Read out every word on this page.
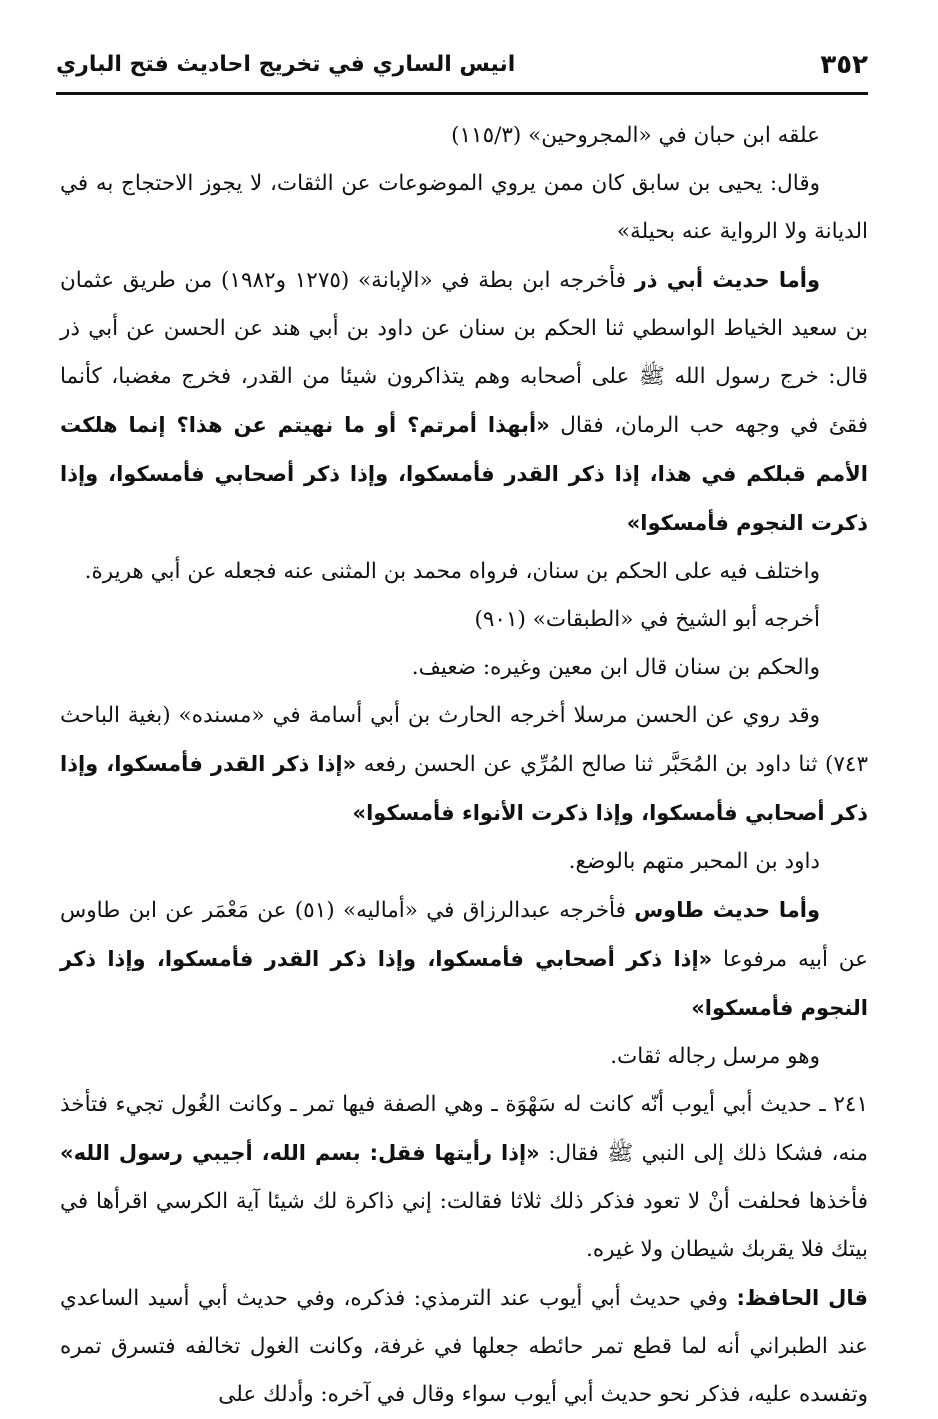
٣٥٢
انيس الساري في تخريج احاديث فتح الباري

علقه ابن حبان في «المجروحين» (١١٥/٣)

وقال: يحيى بن سابق كان ممن يروي الموضوعات عن الثقات، لا يجوز الاحتجاج به في الديانة ولا الرواية عنه بحيلة»

وأما حديث أبي ذر فأخرجه ابن بطة في «الإبانة» (١٢٧٥ و١٩٨٢) من طريق عثمان بن سعيد الخياط الواسطي ثنا الحكم بن سنان عن داود بن أبي هند عن الحسن عن أبي ذر قال: خرج رسول الله ﷺ على أصحابه وهم يتذاكرون شيئا من القدر، فخرج مغضبا، كأنما فقئ في وجهه حب الرمان، فقال «أبهذا أمرتم؟ أو ما نهيتم عن هذا؟ إنما هلكت الأمم قبلكم في هذا، إذا ذكر القدر فأمسكوا، وإذا ذكر أصحابي فأمسكوا، وإذا ذكرت النجوم فأمسكوا»

واختلف فيه على الحكم بن سنان، فرواه محمد بن المثنى عنه فجعله عن أبي هريرة.

أخرجه أبو الشيخ في «الطبقات» (٩٠١)

والحكم بن سنان قال ابن معين وغيره: ضعيف.

وقد روي عن الحسن مرسلا أخرجه الحارث بن أبي أسامة في «مسنده» (بغية الباحث ٧٤٣) ثنا داود بن المُحَبَّر ثنا صالح المُرِّي عن الحسن رفعه «إذا ذكر القدر فأمسكوا، وإذا ذكر أصحابي فأمسكوا، وإذا ذكرت الأنواء فأمسكوا»

داود بن المحبر متهم بالوضع.

وأما حديث طاوس فأخرجه عبدالرزاق في «أماليه» (٥١) عن مَعْمَر عن ابن طاوس عن أبيه مرفوعا «إذا ذكر أصحابي فأمسكوا، وإذا ذكر القدر فأمسكوا، وإذا ذكر النجوم فأمسكوا»

وهو مرسل رجاله ثقات.

٢٤١ ـ حديث أبي أيوب أنّه كانت له سَهْوَة ـ وهي الصفة فيها تمر ـ وكانت الغُول تجيء فتأخذ منه، فشكا ذلك إلى النبي ﷺ فقال: «إذا رأيتها فقل: بسم الله، أجيبي رسول الله» فأخذها فحلفت أنْ لا تعود فذكر ذلك ثلاثا فقالت: إني ذاكرة لك شيئا آية الكرسي اقرأها في بيتك فلا يقربك شيطان ولا غيره.

قال الحافظ: وفي حديث أبي أيوب عند الترمذي: فذكره، وفي حديث أبي أسيد الساعدي عند الطبراني أنه لما قطع تمر حائطه جعلها في غرفة، وكانت الغول تخالفه فتسرق تمره وتفسده عليه، فذكر نحو حديث أبي أيوب سواء وقال في آخره: وأدلك على
